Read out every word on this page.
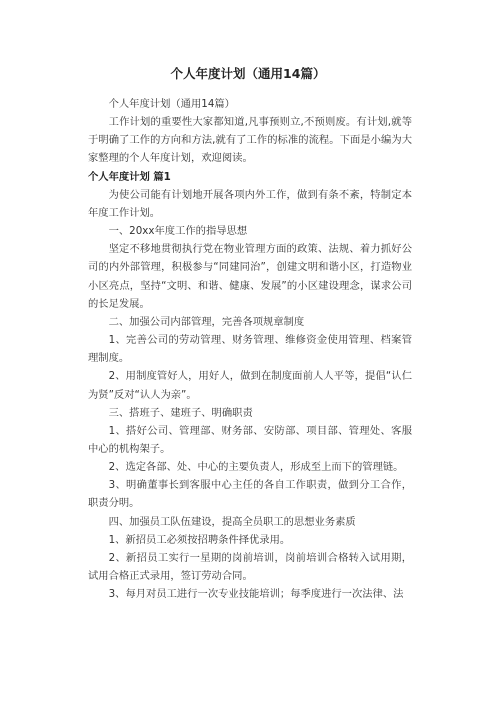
个人年度计划（通用14篇）

个人年度计划（通用14篇）

工作计划的重要性大家都知道,凡事预则立,不预则废。有计划,就等于明确了工作的方向和方法,就有了工作的标准的流程。下面是小编为大家整理的个人年度计划，欢迎阅读。

个人年度计划 篇1

为使公司能有计划地开展各项内外工作，做到有条不紊，特制定本年度工作计划。

一、20xx年度工作的指导思想

坚定不移地贯彻执行党在物业管理方面的政策、法规、着力抓好公司的内外部管理，积极参与“同建同治”，创建文明和谐小区，打造物业小区亮点，坚持“文明、和谐、健康、发展”的小区建设理念，谋求公司的长足发展。

二、加强公司内部管理，完善各项规章制度

1、完善公司的劳动管理、财务管理、维修资金使用管理、档案管理制度。

2、用制度管好人，用好人，做到在制度面前人人平等，提倡“认仁为贤”反对“认人为亲”。

三、搭班子、建班子、明确职责

1、搭好公司、管理部、财务部、安防部、项目部、管理处、客服中心的机构架子。

2、选定各部、处、中心的主要负责人，形成至上而下的管理链。

3、明确董事长到客服中心主任的各自工作职责，做到分工合作，职责分明。

四、加强员工队伍建设，提高全员职工的思想业务素质

1、新招员工必须按招聘条件择优录用。

2、新招员工实行一星期的岗前培训，岗前培训合格转入试用期，试用合格正式录用，签订劳动合同。

3、每月对员工进行一次专业技能培训；每季度进行一次法律、法
